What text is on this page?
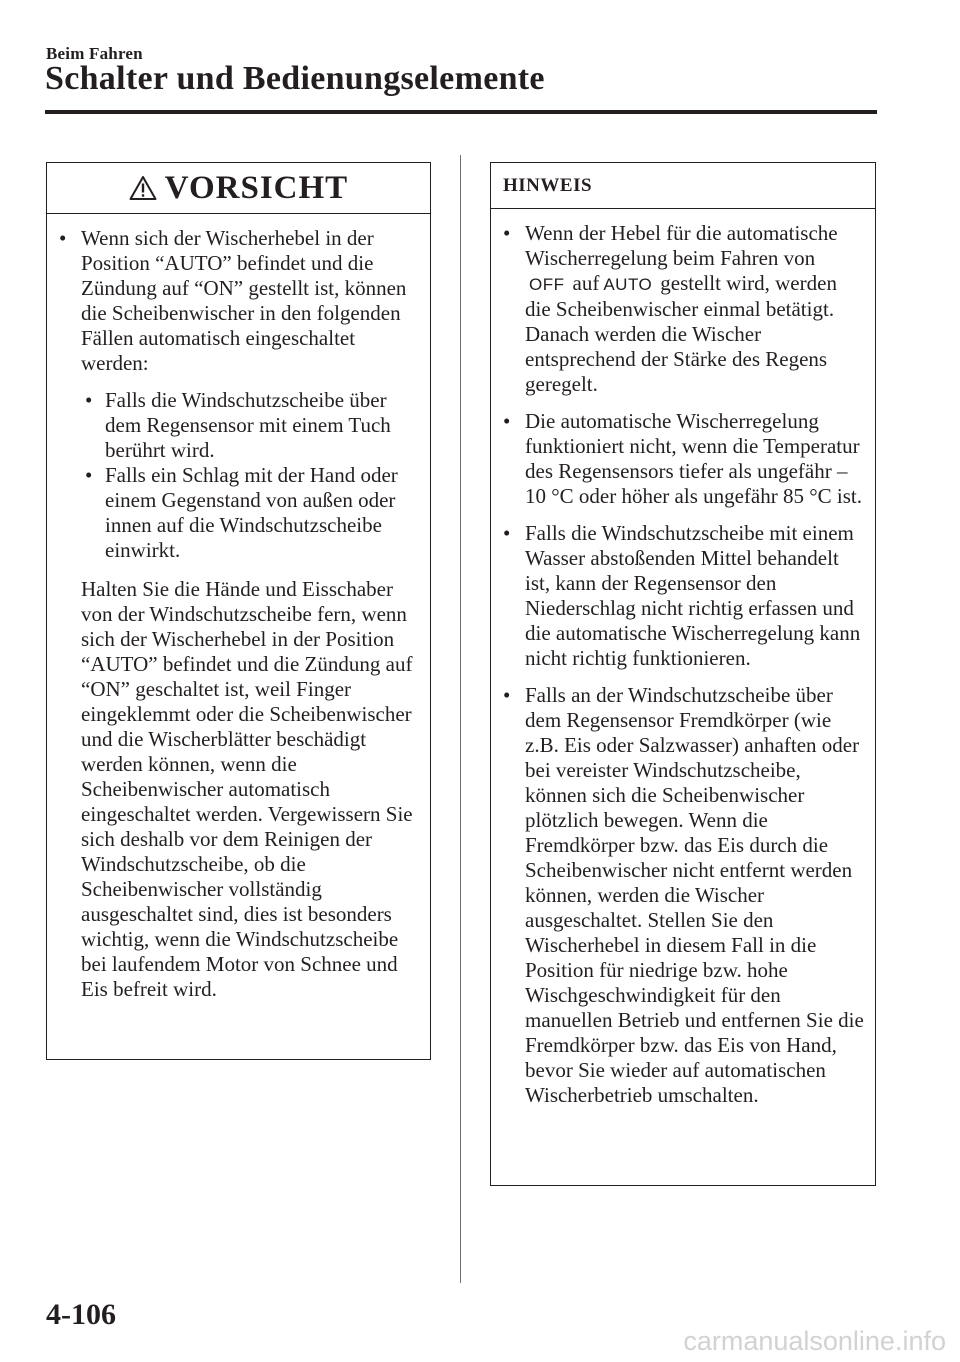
Beim Fahren
Schalter und Bedienungselemente
VORSICHT
• Wenn sich der Wischerhebel in der Position “AUTO” befindet und die Zündung auf “ON” gestellt ist, können die Scheibenwischer in den folgenden Fällen automatisch eingeschaltet werden:
• Falls die Windschutzscheibe über dem Regensensor mit einem Tuch berührt wird.
• Falls ein Schlag mit der Hand oder einem Gegenstand von außen oder innen auf die Windschutzscheibe einwirkt.
Halten Sie die Hände und Eisschaber von der Windschutzscheibe fern, wenn sich der Wischerhebel in der Position “AUTO” befindet und die Zündung auf “ON” geschaltet ist, weil Finger eingeklemmt oder die Scheibenwischer und die Wischerblätter beschädigt werden können, wenn die Scheibenwischer automatisch eingeschaltet werden. Vergewissern Sie sich deshalb vor dem Reinigen der Windschutzscheibe, ob die Scheibenwischer vollständig ausgeschaltet sind, dies ist besonders wichtig, wenn die Windschutzscheibe bei laufendem Motor von Schnee und Eis befreit wird.
HINWEIS
• Wenn der Hebel für die automatische Wischerregelung beim Fahren von
OFF auf AUTO gestellt wird, werden die Scheibenwischer einmal betätigt. Danach werden die Wischer entsprechend der Stärke des Regens geregelt.
• Die automatische Wischerregelung funktioniert nicht, wenn die Temperatur des Regensensors tiefer als ungefähr –10 °C oder höher als ungefähr 85 °C ist.
• Falls die Windschutzscheibe mit einem Wasser abstoßenden Mittel behandelt ist, kann der Regensensor den Niederschlag nicht richtig erfassen und die automatische Wischerregelung kann nicht richtig funktionieren.
• Falls an der Windschutzscheibe über dem Regensensor Fremdkörper (wie z.B. Eis oder Salzwasser) anhaften oder bei vereister Windschutzscheibe, können sich die Scheibenwischer plötzlich bewegen. Wenn die Fremdkörper bzw. das Eis durch die Scheibenwischer nicht entfernt werden können, werden die Wischer ausgeschaltet. Stellen Sie den Wischerhebel in diesem Fall in die Position für niedrige bzw. hohe Wischgeschwindigkeit für den manuellen Betrieb und entfernen Sie die Fremdkörper bzw. das Eis von Hand, bevor Sie wieder auf automatischen Wischerbetrieb umschalten.
4-106
carmanualsonline.info
